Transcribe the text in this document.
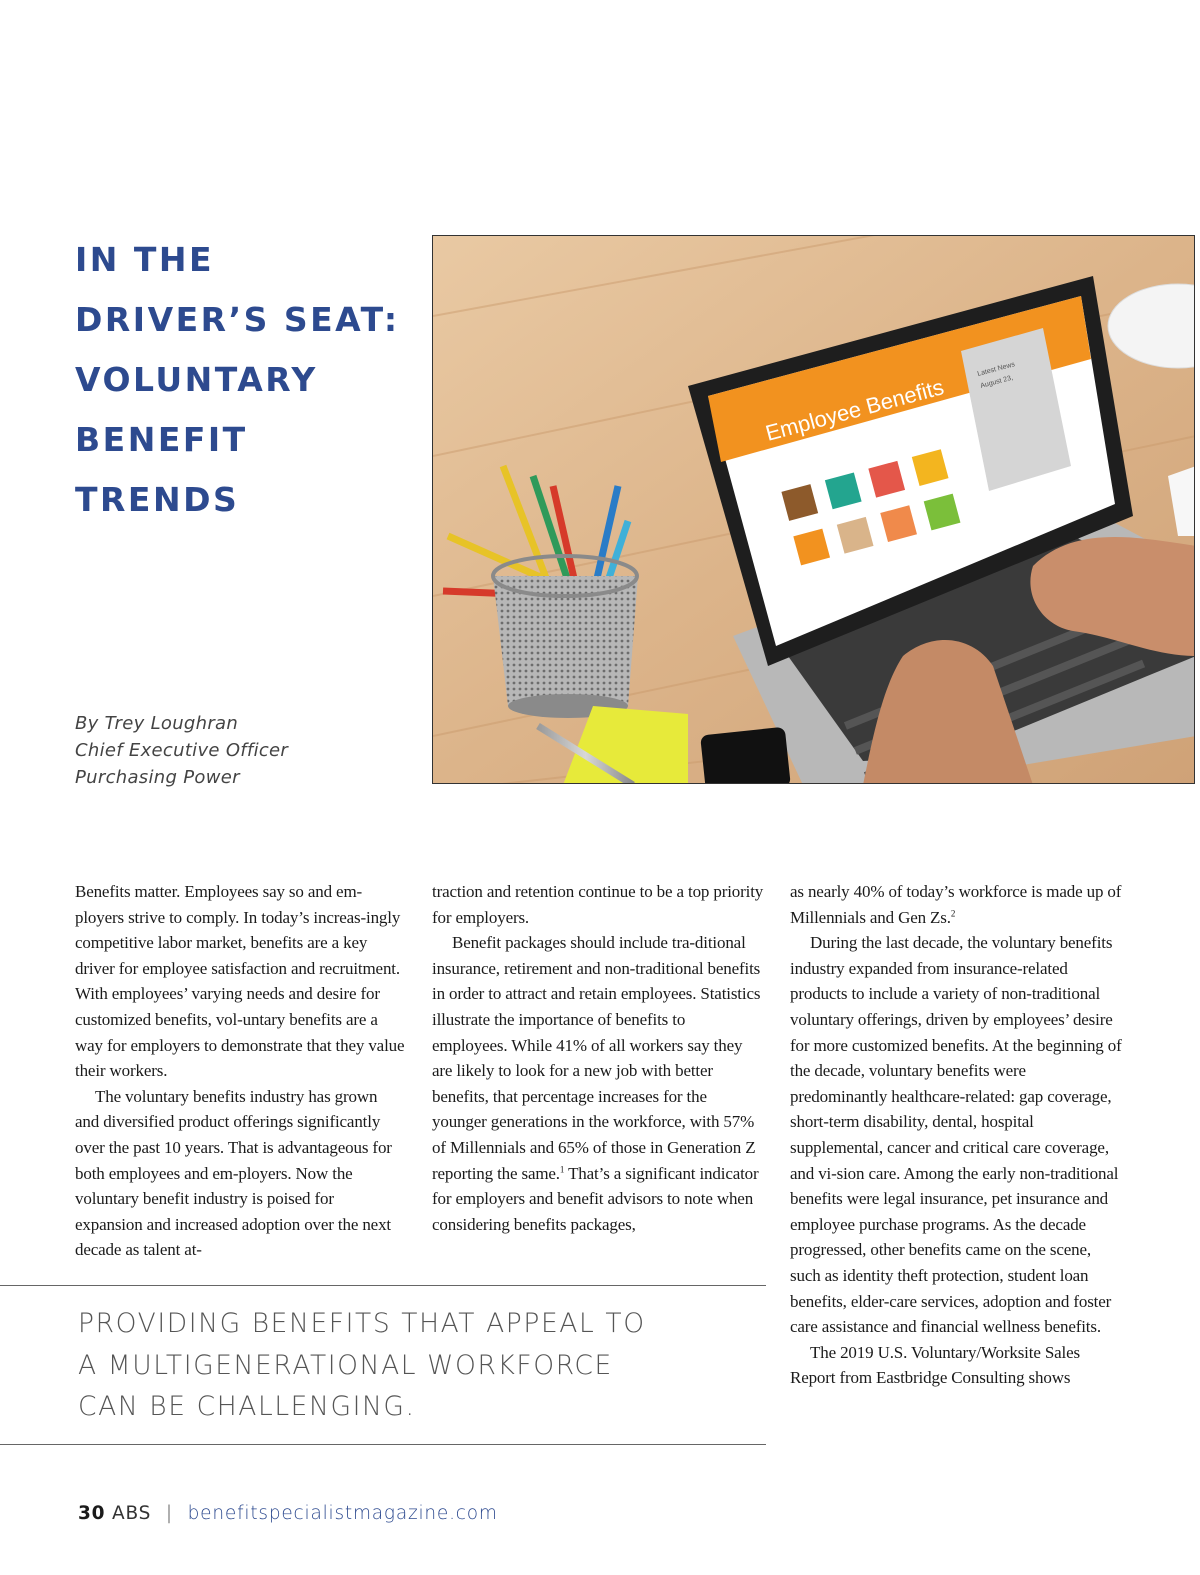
IN THE
DRIVER’S SEAT:
VOLUNTARY
BENEFIT
TRENDS
By Trey Loughran
Chief Executive Officer
Purchasing Power
Employee Benefits
Latest News
August 23,

Benefits matter. Employees say so and em-ployers strive to comply. In today’s increas-ingly competitive labor market, benefits are a key driver for employee satisfaction and recruitment. With employees’ varying needs and desire for customized benefits, vol-untary benefits are a way for employers to demonstrate that they value their workers.

The voluntary benefits industry has grown and diversified product offerings significantly over the past 10 years. That is advantageous for both employees and em-ployers. Now the voluntary benefit industry is poised for expansion and increased adoption over the next decade as talent at-

traction and retention continue to be a top priority for employers.

Benefit packages should include tra-ditional insurance, retirement and non-traditional benefits in order to attract and retain employees. Statistics illustrate the importance of benefits to employees. While 41% of all workers say they are likely to look for a new job with better benefits, that percentage increases for the younger generations in the workforce, with 57% of Millennials and 65% of those in Generation Z reporting the same.$^1$ That’s a significant indicator for employers and benefit advisors to note when considering benefits packages,

as nearly 40% of today’s workforce is made up of Millennials and Gen Zs.$^2$

During the last decade, the voluntary benefits industry expanded from insurance-related products to include a variety of non-traditional voluntary offerings, driven by employees’ desire for more customized benefits. At the beginning of the decade, voluntary benefits were predominantly healthcare-related: gap coverage, short-term disability, dental, hospital supplemental, cancer and critical care coverage, and vi-sion care. Among the early non-traditional benefits were legal insurance, pet insurance and employee purchase programs. As the decade progressed, other benefits came on the scene, such as identity theft protection, student loan benefits, elder-care services, adoption and foster care assistance and financial wellness benefits.

The 2019 U.S. Voluntary/Worksite Sales Report from Eastbridge Consulting shows

PROVIDING BENEFITS THAT APPEAL TO
A MULTIGENERATIONAL WORKFORCE
CAN BE CHALLENGING.
30 ABS | benefitspecialistmagazine.com
